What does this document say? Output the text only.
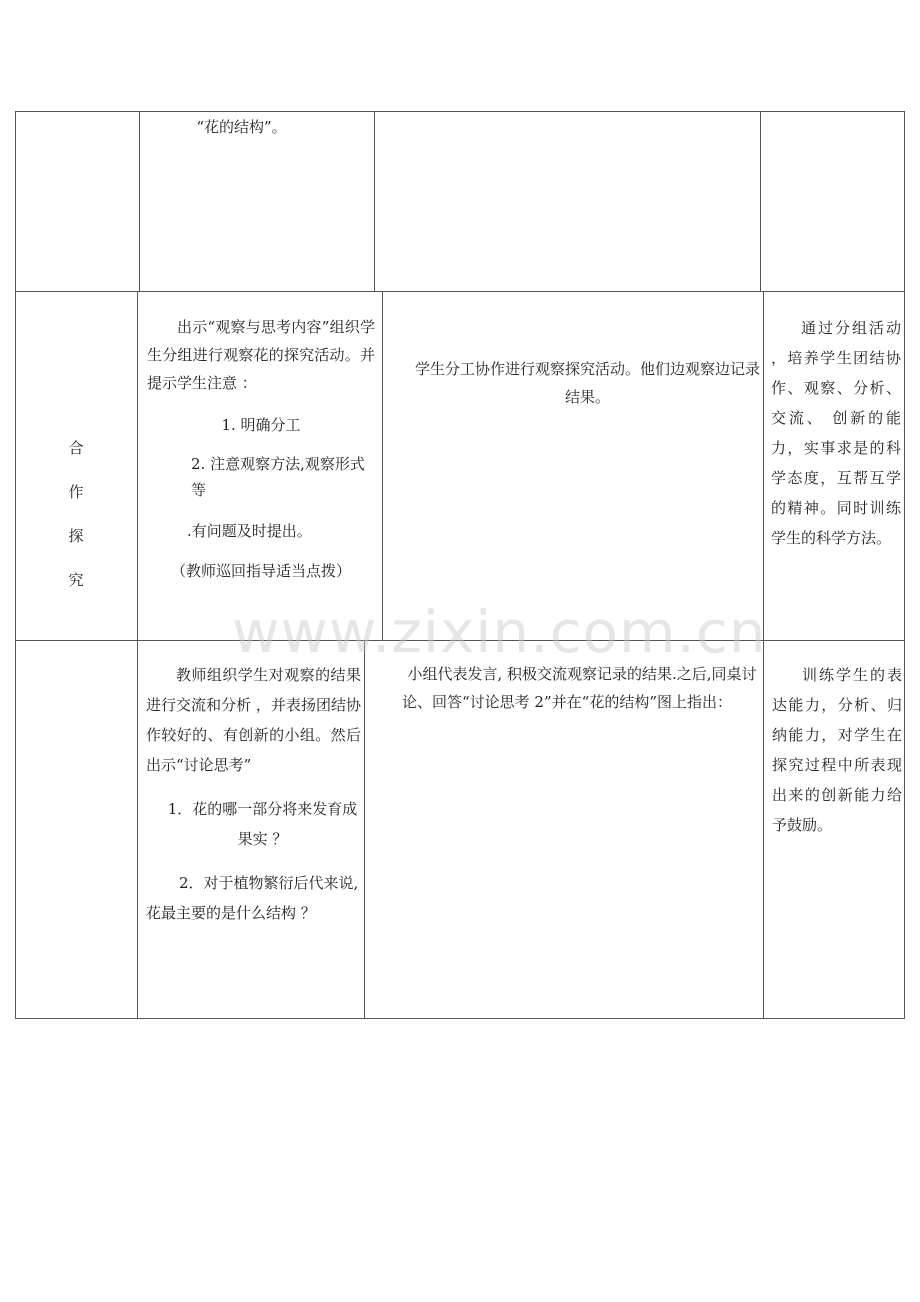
“花的结构”。

合
作
探
究

出示“观察与思考内容”组织学生分组进行观察花的探究活动。并提示学生注意 ：

1. 明确分工

2. 注意观察方法,观察形式等

.有问题及时提出。

（教师巡回指导适当点拨）

学生分工协作进行观察探究活动。他们边观察边记录结果。

通过分组活动 ，培养学生团结协作、观察、分析、交流、 创新的能力，实事求是的科学态度，互帮互学的精神。同时训练学生的科学方法。

教师组织学生对观察的结果进行交流和分析 ，并表扬团结协作较好的、有创新的小组。然后出示“讨论思考”

1．花的哪一部分将来发育成 果实 ？

2．对于植物繁衍后代来说,花最主要的是什么结构 ？

小组代表发言, 积极交流观察记录的结果.之后,同桌讨论、回答“讨论思考 2”并在“花的结构”图上指出：

训练学生的表达能力，分析、归纳能力，对学生在探究过程中所表现出来的创新能力给予鼓励。

www.zixin.com.cn
